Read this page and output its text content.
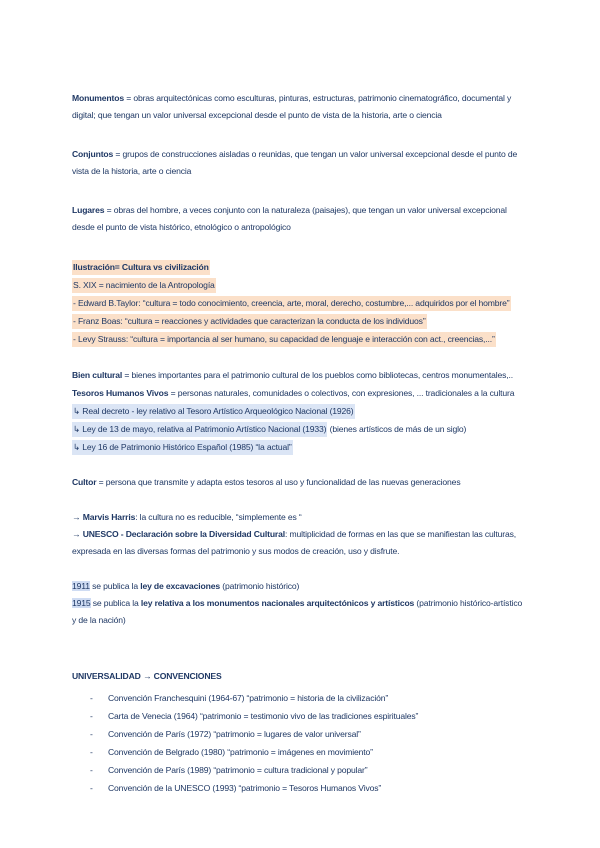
Monumentos = obras arquitectónicas como esculturas, pinturas, estructuras, patrimonio cinematográfico, documental y digital; que tengan un valor universal excepcional desde el punto de vista de la historia, arte o ciencia

Conjuntos = grupos de construcciones aisladas o reunidas, que tengan un valor universal excepcional desde el punto de vista de la historia, arte o ciencia

Lugares = obras del hombre, a veces conjunto con la naturaleza (paisajes), que tengan un valor universal excepcional desde el punto de vista histórico, etnológico o antropológico

Ilustración= Cultura vs civilización
S. XIX = nacimiento de la Antropología
- Edward B.Taylor: “cultura = todo conocimiento, creencia, arte, moral, derecho, costumbre,... adquiridos por el hombre”
- Franz Boas: “cultura = reacciones y actividades que caracterizan la conducta de los individuos”
- Levy Strauss: “cultura = importancia al ser humano, su capacidad de lenguaje e interacción con act., creencias,...”
Bien cultural = bienes importantes para el patrimonio cultural de los pueblos como bibliotecas, centros monumentales,..
Tesoros Humanos Vivos = personas naturales, comunidades o colectivos, con expresiones, ... tradicionales a la cultura
↳ Real decreto - ley relativo al Tesoro Artístico Arqueológico Nacional (1926)
↳ Ley de 13 de mayo, relativa al Patrimonio Artístico Nacional (1933) (bienes artísticos de más de un siglo)
↳ Ley 16 de Patrimonio Histórico Español (1985) “la actual”

Cultor = persona que transmite y adapta estos tesoros al uso y funcionalidad de las nuevas generaciones

→ Marvis Harris: la cultura no es reducible, “simplemente es “

→ UNESCO - Declaración sobre la Diversidad Cultural: multiplicidad de formas en las que se manifiestan las culturas, expresada en las diversas formas del patrimonio y sus modos de creación, uso y disfrute.

1911 se publica la ley de excavaciones (patrimonio histórico)

1915 se publica la ley relativa a los monumentos nacionales arquitectónicos y artísticos (patrimonio histórico-artístico y de la nación)

UNIVERSALIDAD → CONVENCIONES
- Convención Franchesquini (1964-67) “patrimonio = historia de la civilización”
- Carta de Venecia (1964) “patrimonio = testimonio vivo de las tradiciones espirituales”
- Convención de París (1972) “patrimonio = lugares de valor universal”
- Convención de Belgrado (1980) “patrimonio = imágenes en movimiento”
- Convención de París (1989) “patrimonio = cultura tradicional y popular”
- Convención de la UNESCO (1993) “patrimonio = Tesoros Humanos Vivos”
